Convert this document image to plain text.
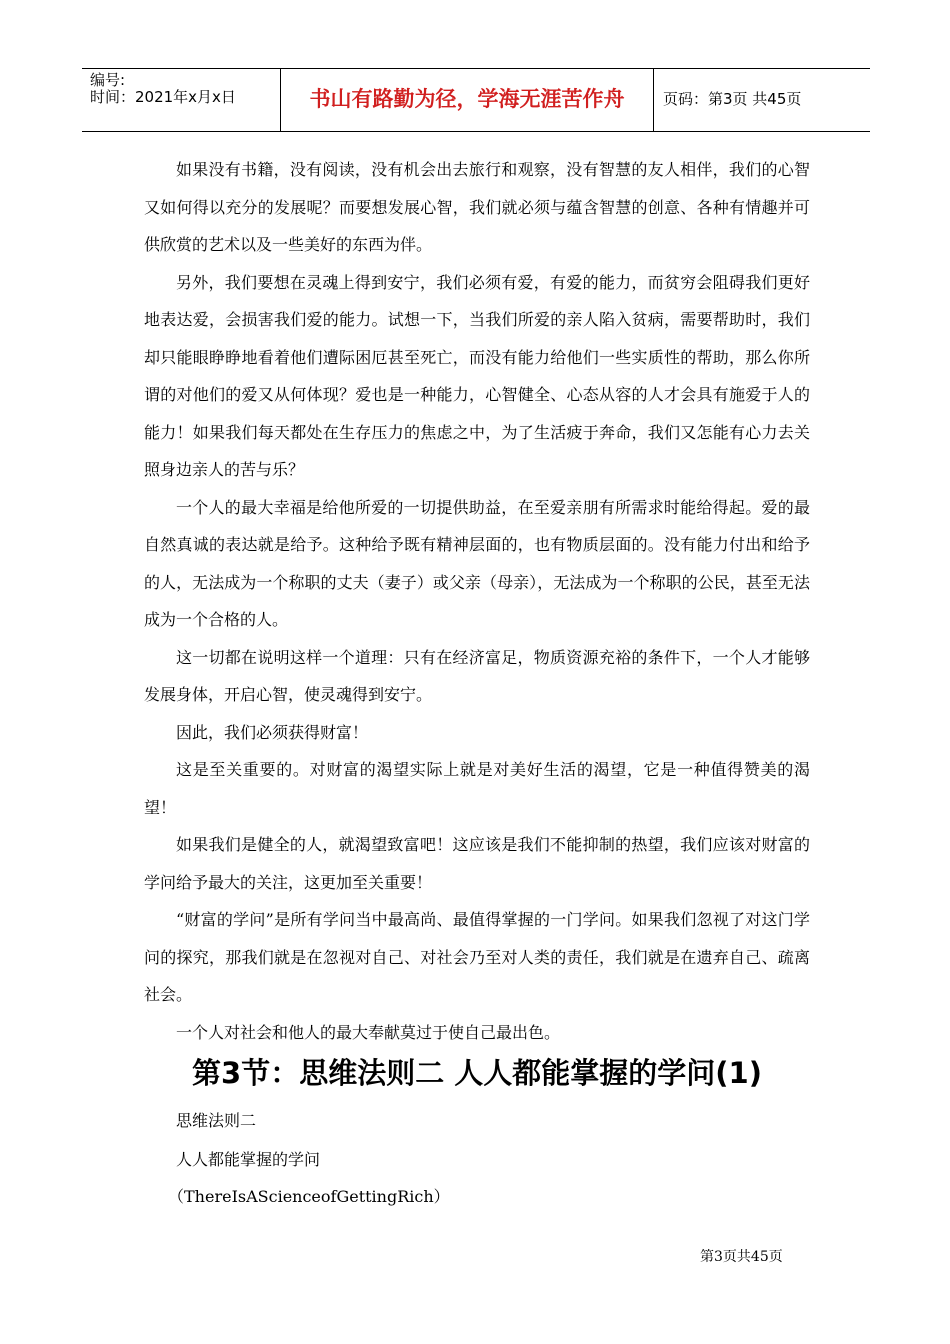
编号:
时间：2021年x月x日	书山有路勤为径，学海无涯苦作舟	页码：第3页 共45页

如果没有书籍，没有阅读，没有机会出去旅行和观察，没有智慧的友人相伴，我们的心智又如何得以充分的发展呢？而要想发展心智，我们就必须与蕴含智慧的创意、各种有情趣并可供欣赏的艺术以及一些美好的东西为伴。

另外，我们要想在灵魂上得到安宁，我们必须有爱，有爱的能力，而贫穷会阻碍我们更好地表达爱，会损害我们爱的能力。试想一下，当我们所爱的亲人陷入贫病，需要帮助时，我们却只能眼睁睁地看着他们遭际困厄甚至死亡，而没有能力给他们一些实质性的帮助，那么你所谓的对他们的爱又从何体现？爱也是一种能力，心智健全、心态从容的人才会具有施爱于人的能力！如果我们每天都处在生存压力的焦虑之中，为了生活疲于奔命，我们又怎能有心力去关照身边亲人的苦与乐？

一个人的最大幸福是给他所爱的一切提供助益，在至爱亲朋有所需求时能给得起。爱的最自然真诚的表达就是给予。这种给予既有精神层面的，也有物质层面的。没有能力付出和给予的人，无法成为一个称职的丈夫（妻子）或父亲（母亲），无法成为一个称职的公民，甚至无法成为一个合格的人。

这一切都在说明这样一个道理：只有在经济富足，物质资源充裕的条件下，一个人才能够发展身体，开启心智，使灵魂得到安宁。

因此，我们必须获得财富！

这是至关重要的。对财富的渴望实际上就是对美好生活的渴望，它是一种值得赞美的渴望！

如果我们是健全的人，就渴望致富吧！这应该是我们不能抑制的热望，我们应该对财富的学问给予最大的关注，这更加至关重要！

“财富的学问”是所有学问当中最高尚、最值得掌握的一门学问。如果我们忽视了对这门学问的探究，那我们就是在忽视对自己、对社会乃至对人类的责任，我们就是在遗弃自己、疏离社会。

一个人对社会和他人的最大奉献莫过于使自己最出色。

第3节：思维法则二 人人都能掌握的学问(1)
思维法则二
人人都能掌握的学问
（ThereIsAScienceofGettingRich）
第3页共45页
